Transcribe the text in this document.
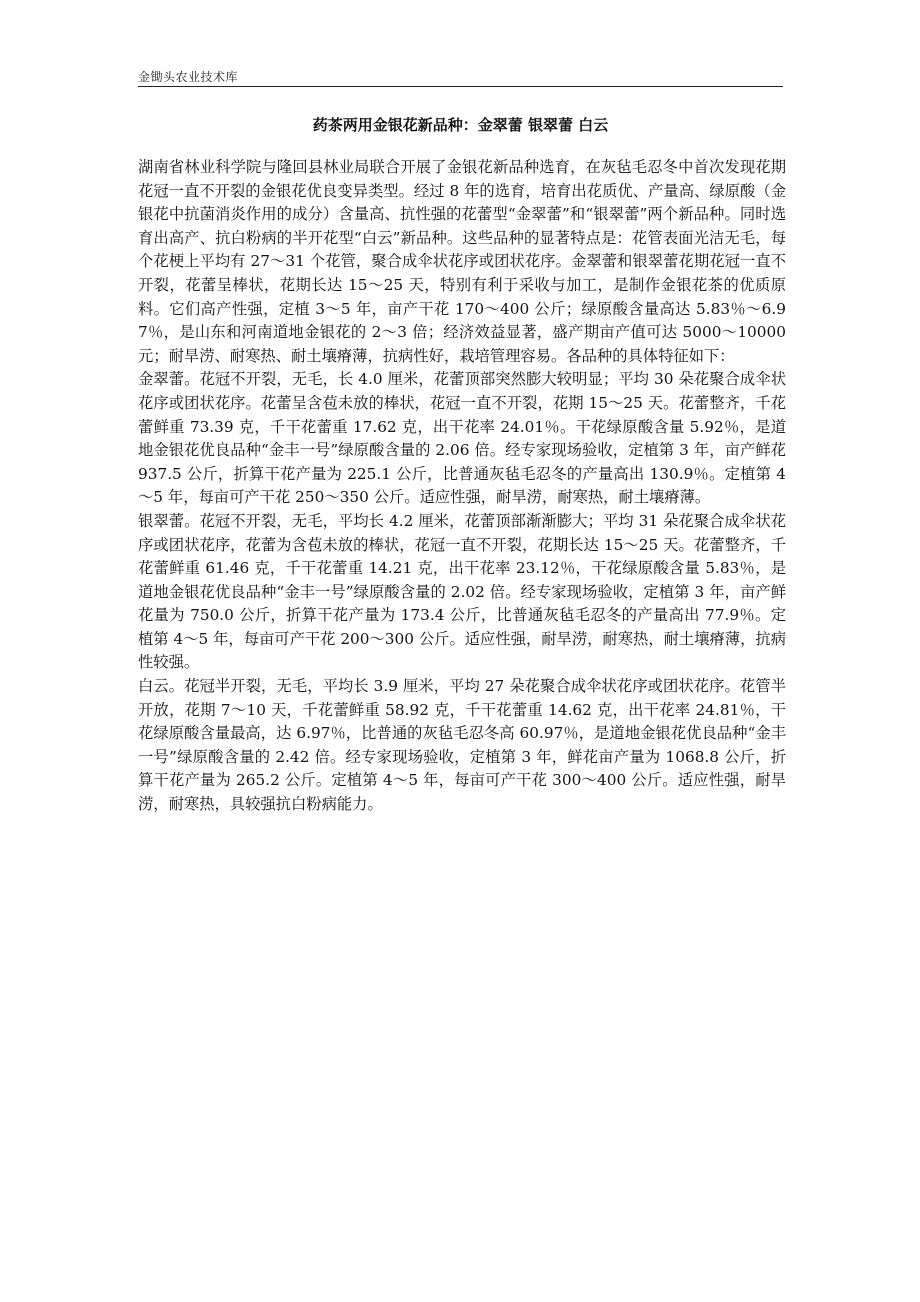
金锄头农业技术库
药茶两用金银花新品种：金翠蕾 银翠蕾 白云

湖南省林业科学院与隆回县林业局联合开展了金银花新品种选育，在灰毡毛忍冬中首次发现花期花冠一直不开裂的金银花优良变异类型。经过 8 年的选育，培育出花质优、产量高、绿原酸（金银花中抗菌消炎作用的成分）含量高、抗性强的花蕾型“金翠蕾”和“银翠蕾”两个新品种。同时选育出高产、抗白粉病的半开花型“白云”新品种。这些品种的显著特点是：花管表面光洁无毛，每个花梗上平均有 27～31 个花管，聚合成伞状花序或团状花序。金翠蕾和银翠蕾花期花冠一直不开裂，花蕾呈棒状，花期长达 15～25 天，特别有利于采收与加工，是制作金银花茶的优质原料。它们高产性强，定植 3～5 年，亩产干花 170～400 公斤；绿原酸含量高达 5.83％～6.97％，是山东和河南道地金银花的 2～3 倍；经济效益显著，盛产期亩产值可达 5000～10000 元；耐旱涝、耐寒热、耐土壤瘠薄，抗病性好，栽培管理容易。各品种的具体特征如下：

金翠蕾。花冠不开裂，无毛，长 4.0 厘米，花蕾顶部突然膨大较明显；平均 30 朵花聚合成伞状花序或团状花序。花蕾呈含苞未放的棒状，花冠一直不开裂，花期 15～25 天。花蕾整齐，千花蕾鲜重 73.39 克，千干花蕾重 17.62 克，出干花率 24.01％。干花绿原酸含量 5.92％，是道地金银花优良品种“金丰一号”绿原酸含量的 2.06 倍。经专家现场验收，定植第 3 年，亩产鲜花 937.5 公斤，折算干花产量为 225.1 公斤，比普通灰毡毛忍冬的产量高出 130.9％。定植第 4～5 年，每亩可产干花 250～350 公斤。适应性强，耐旱涝，耐寒热，耐土壤瘠薄。

银翠蕾。花冠不开裂，无毛，平均长 4.2 厘米，花蕾顶部渐渐膨大；平均 31 朵花聚合成伞状花序或团状花序，花蕾为含苞未放的棒状，花冠一直不开裂，花期长达 15～25 天。花蕾整齐，千花蕾鲜重 61.46 克，千干花蕾重 14.21 克，出干花率 23.12％，干花绿原酸含量 5.83％，是道地金银花优良品种“金丰一号”绿原酸含量的 2.02 倍。经专家现场验收，定植第 3 年，亩产鲜花量为 750.0 公斤，折算干花产量为 173.4 公斤，比普通灰毡毛忍冬的产量高出 77.9％。定植第 4～5 年，每亩可产干花 200～300 公斤。适应性强，耐旱涝，耐寒热，耐土壤瘠薄，抗病性较强。

白云。花冠半开裂，无毛，平均长 3.9 厘米，平均 27 朵花聚合成伞状花序或团状花序。花管半开放，花期 7～10 天，千花蕾鲜重 58.92 克，千干花蕾重 14.62 克，出干花率 24.81％，干花绿原酸含量最高，达 6.97％，比普通的灰毡毛忍冬高 60.97％，是道地金银花优良品种“金丰一号”绿原酸含量的 2.42 倍。经专家现场验收，定植第 3 年，鲜花亩产量为 1068.8 公斤，折算干花产量为 265.2 公斤。定植第 4～5 年，每亩可产干花 300～400 公斤。适应性强，耐旱涝，耐寒热，具较强抗白粉病能力。
